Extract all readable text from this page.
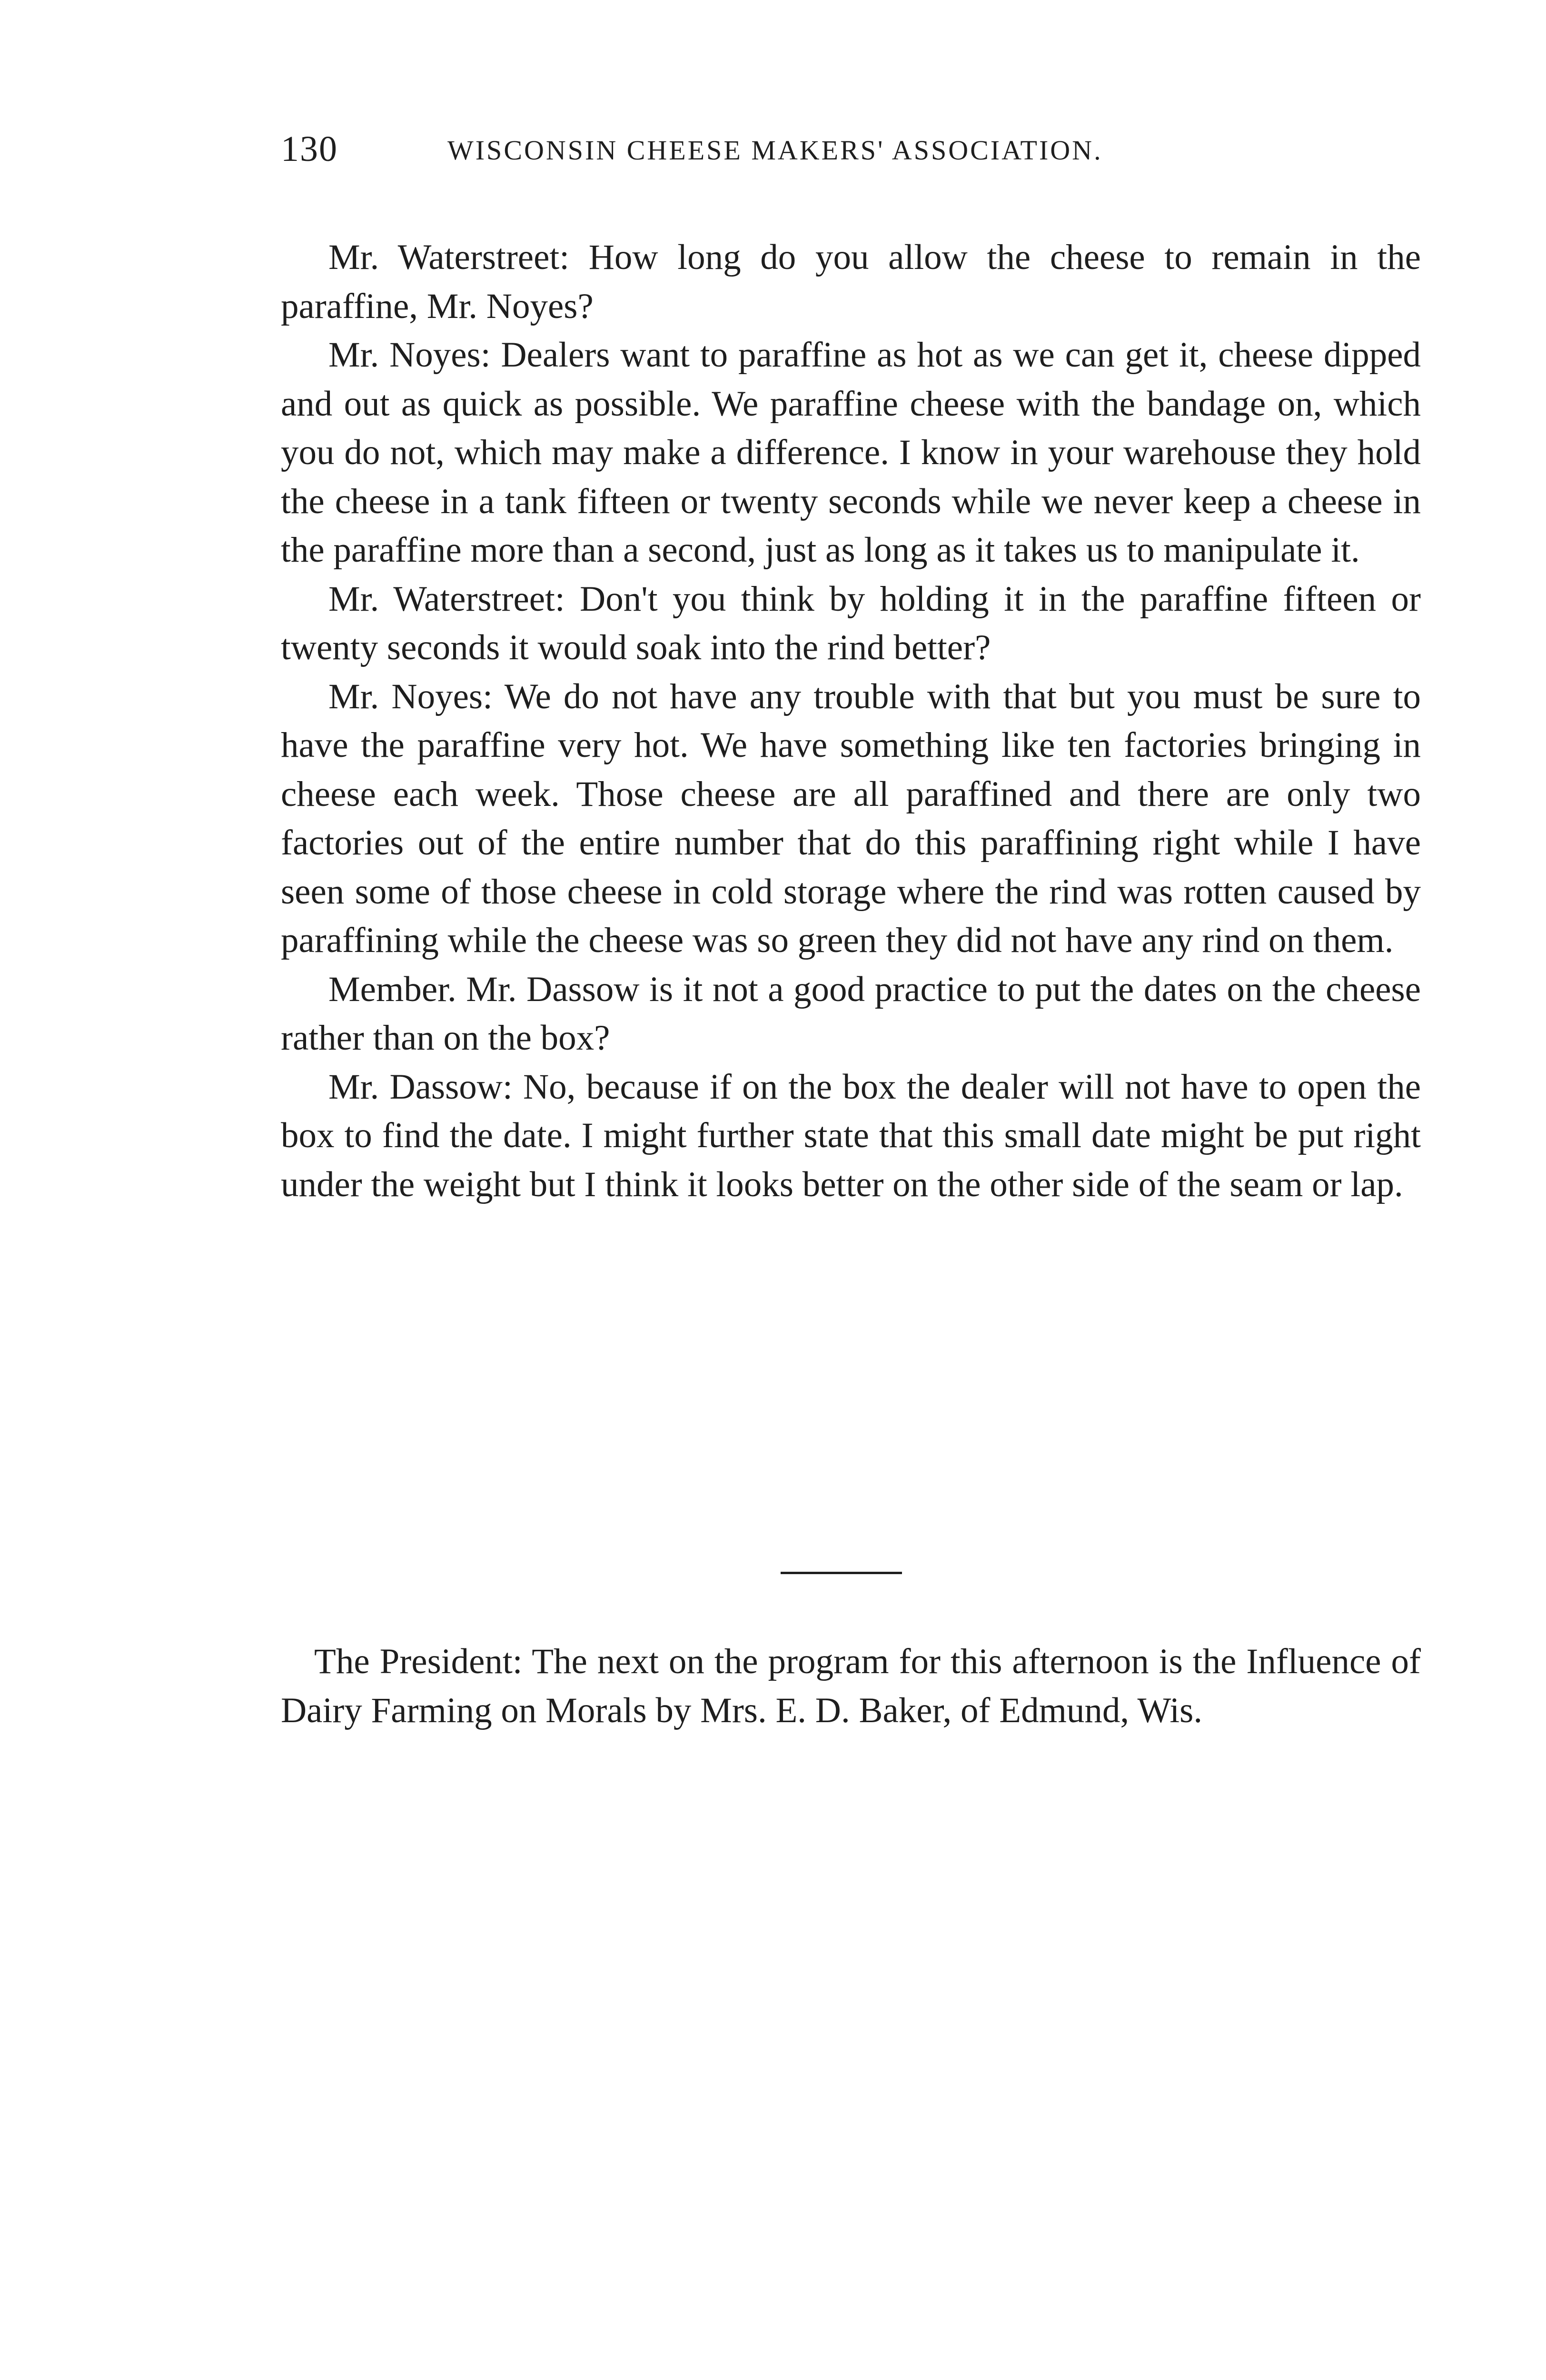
130	WISCONSIN CHEESE MAKERS' ASSOCIATION.

Mr. Waterstreet: How long do you allow the cheese to remain in the paraffine, Mr. Noyes?

Mr. Noyes: Dealers want to paraffine as hot as we can get it, cheese dipped and out as quick as possible. We paraffine cheese with the bandage on, which you do not, which may make a difference. I know in your warehouse they hold the cheese in a tank fifteen or twenty seconds while we never keep a cheese in the paraffine more than a second, just as long as it takes us to manipulate it.

Mr. Waterstreet: Don't you think by holding it in the paraffine fifteen or twenty seconds it would soak into the rind better?

Mr. Noyes: We do not have any trouble with that but you must be sure to have the paraffine very hot. We have something like ten factories bringing in cheese each week. Those cheese are all paraffined and there are only two factories out of the entire number that do this paraffining right while I have seen some of those cheese in cold storage where the rind was rotten caused by paraffining while the cheese was so green they did not have any rind on them.

Member. Mr. Dassow is it not a good practice to put the dates on the cheese rather than on the box?

Mr. Dassow: No, because if on the box the dealer will not have to open the box to find the date. I might further state that this small date might be put right under the weight but I think it looks better on the other side of the seam or lap.

The President: The next on the program for this afternoon is the Influence of Dairy Farming on Morals by Mrs. E. D. Baker, of Edmund, Wis.
